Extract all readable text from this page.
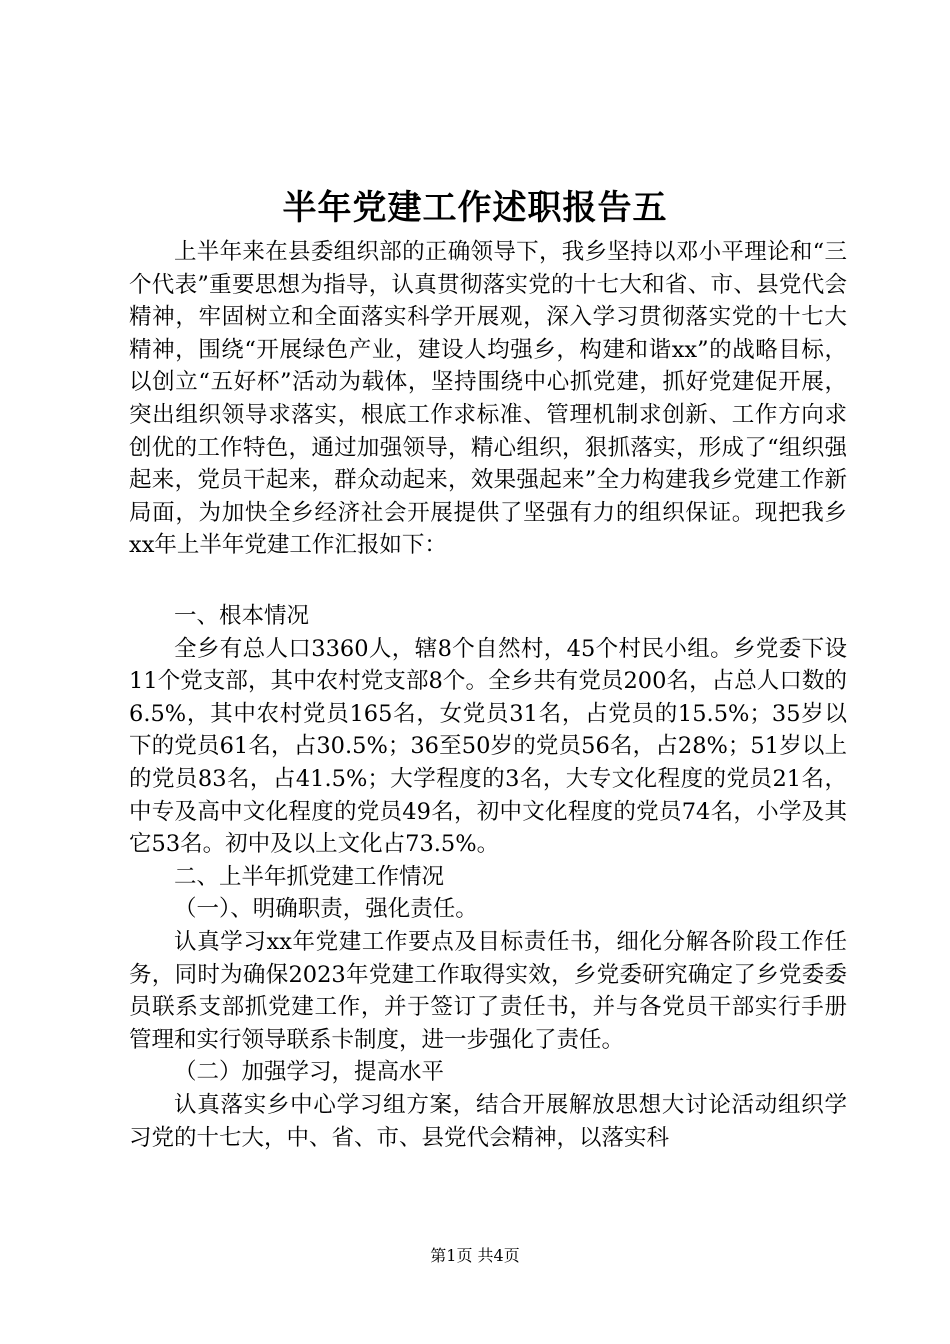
半年党建工作述职报告五

上半年来在县委组织部的正确领导下，我乡坚持以邓小平理论和“三个代表”重要思想为指导，认真贯彻落实党的十七大和省、市、县党代会精神，牢固树立和全面落实科学开展观，深入学习贯彻落实党的十七大精神，围绕“开展绿色产业，建设人均强乡，构建和谐xx”的战略目标，以创立“五好杯”活动为载体，坚持围绕中心抓党建，抓好党建促开展，突出组织领导求落实，根底工作求标准、管理机制求创新、工作方向求创优的工作特色，通过加强领导，精心组织，狠抓落实，形成了“组织强起来，党员干起来，群众动起来，效果强起来”全力构建我乡党建工作新局面，为加快全乡经济社会开展提供了坚强有力的组织保证。现把我乡xx年上半年党建工作汇报如下：

一、根本情况

全乡有总人口3360人，辖8个自然村，45个村民小组。乡党委下设11个党支部，其中农村党支部8个。全乡共有党员200名，占总人口数的6.5%，其中农村党员165名，女党员31名，占党员的15.5%；35岁以下的党员61名，占30.5%；36至50岁的党员56名，占28%；51岁以上的党员83名，占41.5%；大学程度的3名，大专文化程度的党员21名，中专及高中文化程度的党员49名，初中文化程度的党员74名，小学及其它53名。初中及以上文化占73.5%。

二、上半年抓党建工作情况

（一）、明确职责，强化责任。

认真学习xx年党建工作要点及目标责任书，细化分解各阶段工作任务，同时为确保2023年党建工作取得实效，乡党委研究确定了乡党委委员联系支部抓党建工作，并于签订了责任书，并与各党员干部实行手册管理和实行领导联系卡制度，进一步强化了责任。

（二）加强学习，提高水平

认真落实乡中心学习组方案，结合开展解放思想大讨论活动组织学习党的十七大，中、省、市、县党代会精神，以落实科

第1页 共4页
